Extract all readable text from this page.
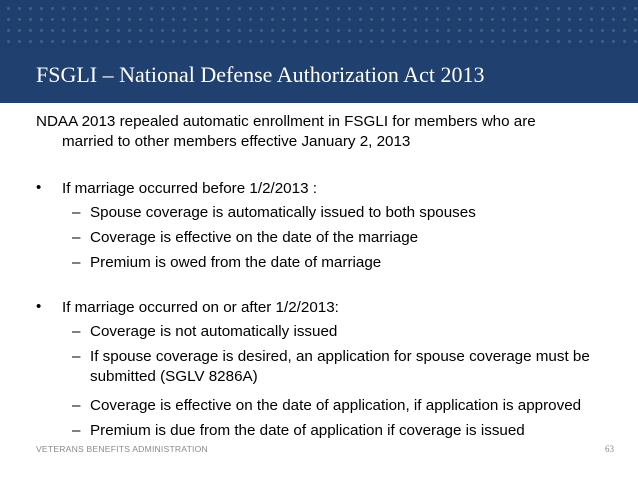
FSGLI – National Defense Authorization Act 2013

NDAA 2013 repealed automatic enrollment in FSGLI for members who are

married to other members effective January 2, 2013

• If marriage occurred before 1/2/2013 :

– Spouse coverage is automatically issued to both spouses

– Coverage is effective on the date of the marriage

– Premium is owed from the date of marriage

• If marriage occurred on or after 1/2/2013:

– Coverage is not automatically issued

– If spouse coverage is desired, an application for spouse coverage must be

submitted (SGLV 8286A)

– Coverage is effective on the date of application, if application is approved

– Premium is due from the date of application if coverage is issued

VETERANS BENEFITS ADMINISTRATION	63
